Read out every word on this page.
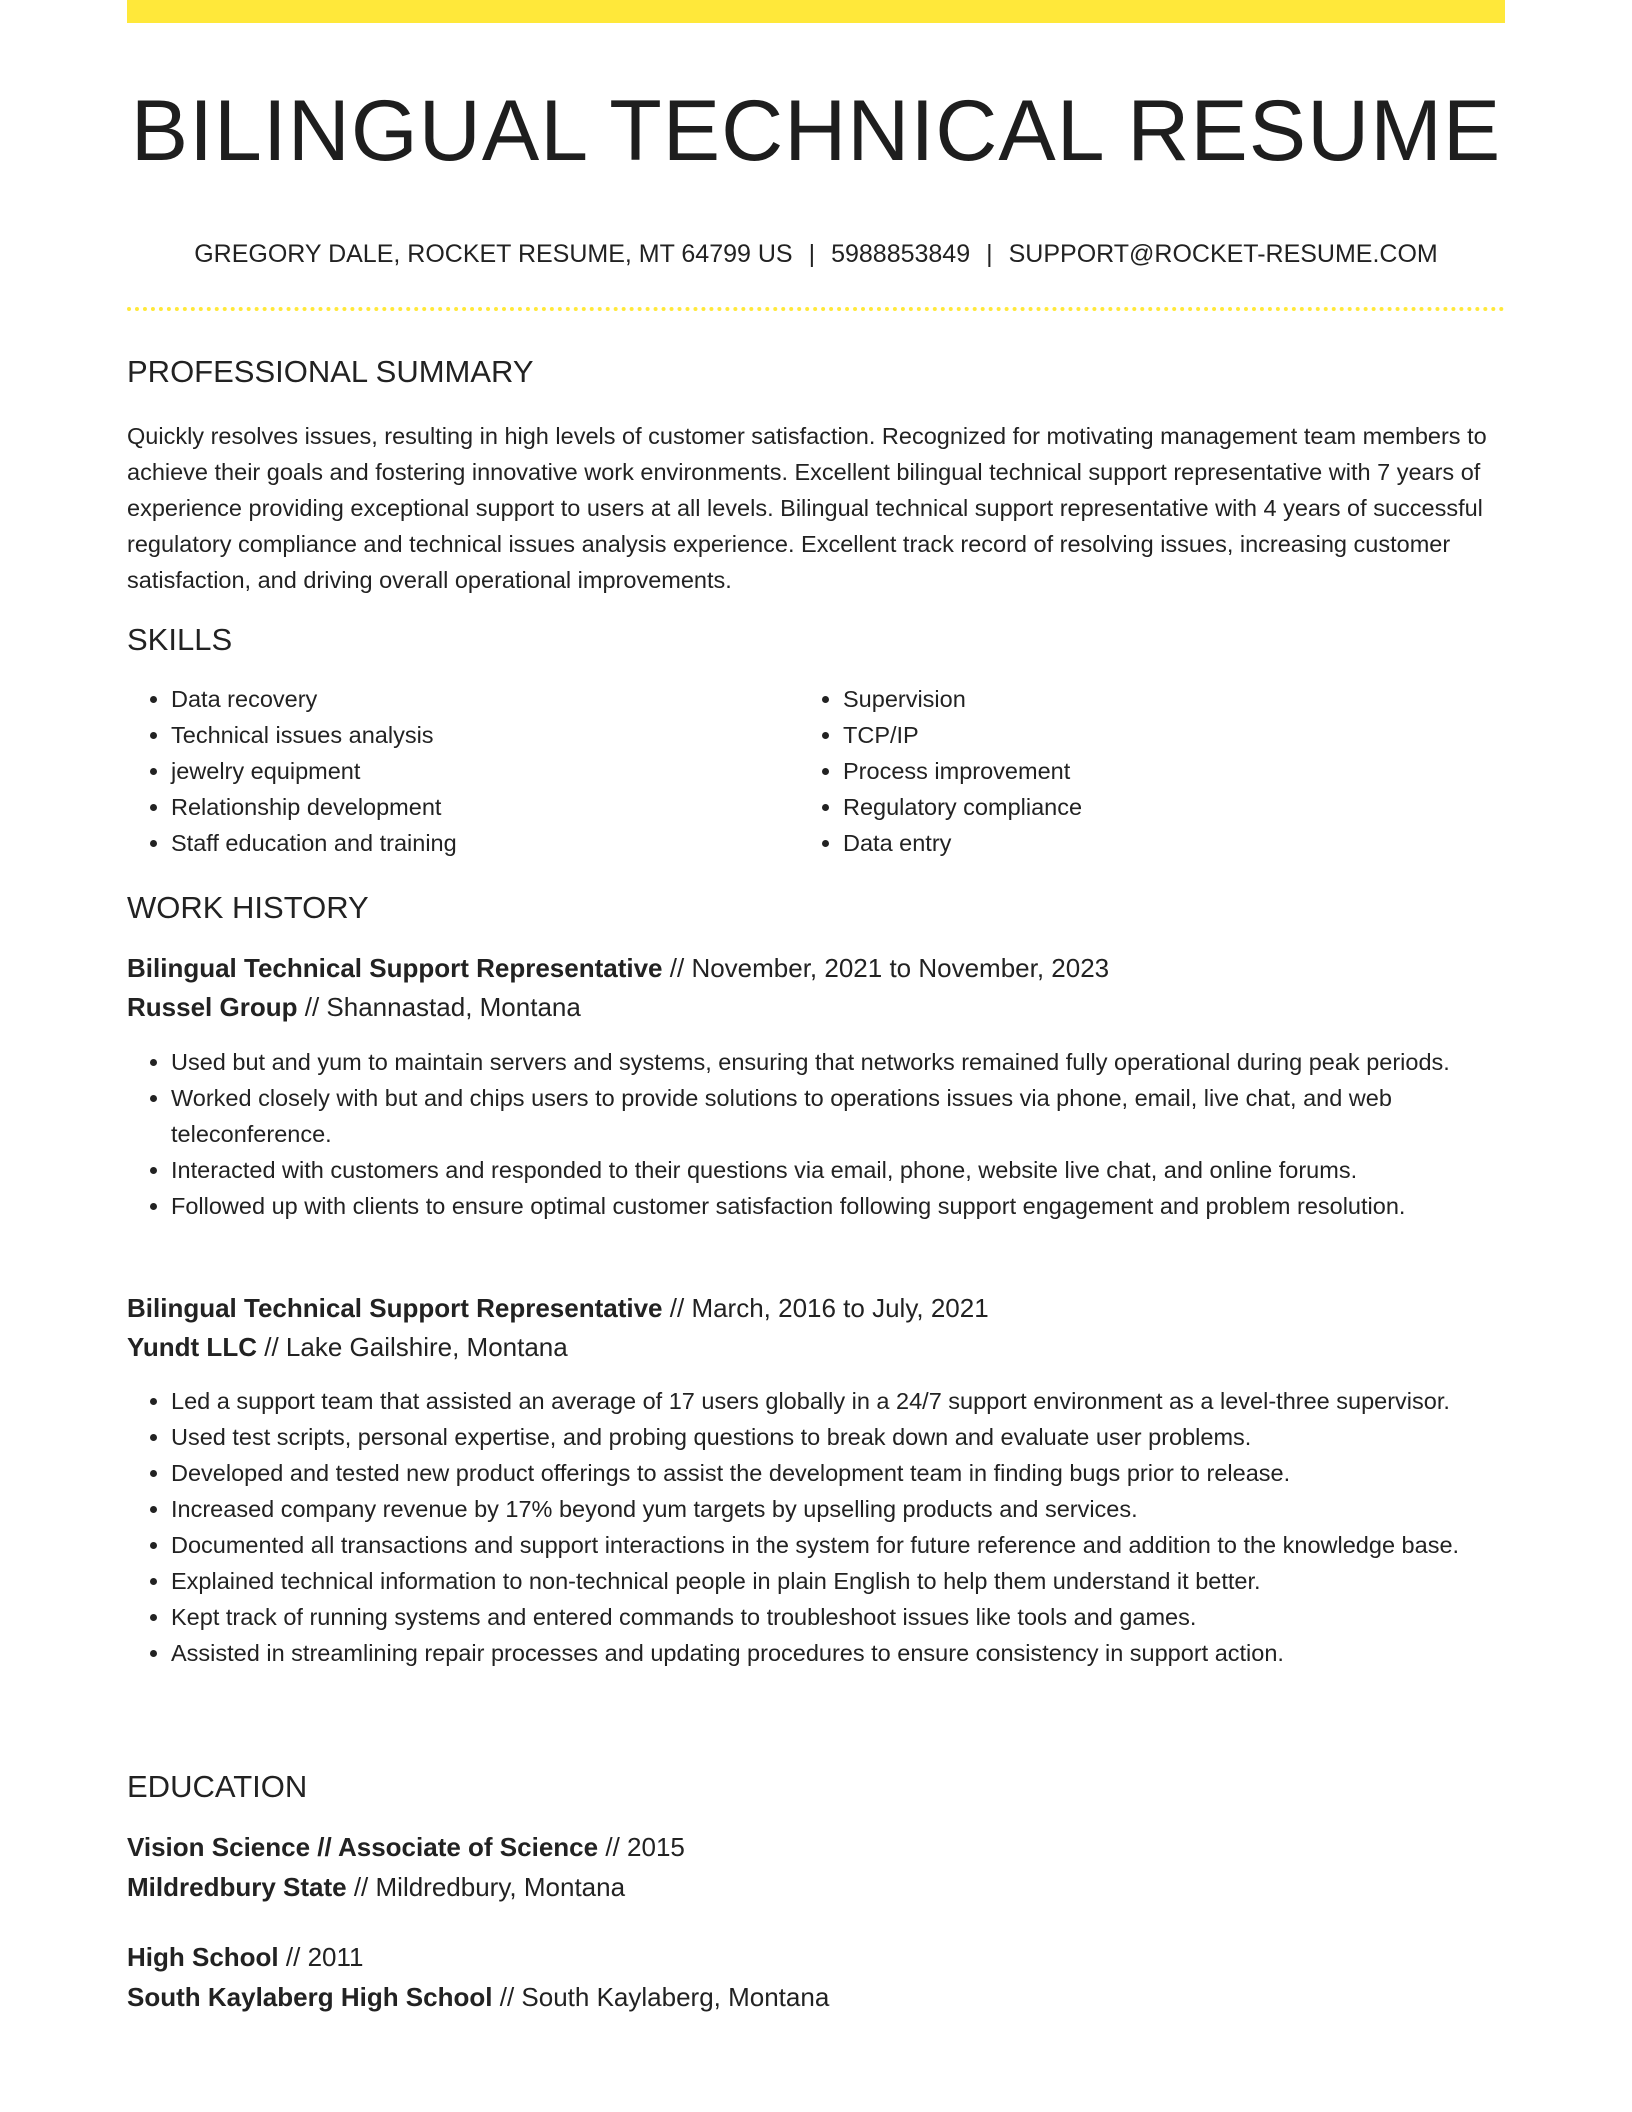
BILINGUAL TECHNICAL RESUME
GREGORY DALE, ROCKET RESUME, MT 64799 US | 5988853849 | SUPPORT@ROCKET-RESUME.COM
PROFESSIONAL SUMMARY

Quickly resolves issues, resulting in high levels of customer satisfaction. Recognized for motivating management team members to achieve their goals and fostering innovative work environments. Excellent bilingual technical support representative with 7 years of experience providing exceptional support to users at all levels. Bilingual technical support representative with 4 years of successful regulatory compliance and technical issues analysis experience. Excellent track record of resolving issues, increasing customer satisfaction, and driving overall operational improvements.

SKILLS
• Data recovery
• Technical issues analysis
• jewelry equipment
• Relationship development
• Staff education and training
• Supervision
• TCP/IP
• Process improvement
• Regulatory compliance
• Data entry
WORK HISTORY
Bilingual Technical Support Representative // November, 2021 to November, 2023
Russel Group // Shannastad, Montana
• Used but and yum to maintain servers and systems, ensuring that networks remained fully operational during peak periods.
• Worked closely with but and chips users to provide solutions to operations issues via phone, email, live chat, and web teleconference.
• Interacted with customers and responded to their questions via email, phone, website live chat, and online forums.
• Followed up with clients to ensure optimal customer satisfaction following support engagement and problem resolution.
Bilingual Technical Support Representative // March, 2016 to July, 2021
Yundt LLC // Lake Gailshire, Montana
• Led a support team that assisted an average of 17 users globally in a 24/7 support environment as a level-three supervisor.
• Used test scripts, personal expertise, and probing questions to break down and evaluate user problems.
• Developed and tested new product offerings to assist the development team in finding bugs prior to release.
• Increased company revenue by 17% beyond yum targets by upselling products and services.
• Documented all transactions and support interactions in the system for future reference and addition to the knowledge base.
• Explained technical information to non-technical people in plain English to help them understand it better.
• Kept track of running systems and entered commands to troubleshoot issues like tools and games.
• Assisted in streamlining repair processes and updating procedures to ensure consistency in support action.
EDUCATION
Vision Science // Associate of Science // 2015
Mildredbury State // Mildredbury, Montana
High School // 2011
South Kaylaberg High School // South Kaylaberg, Montana
